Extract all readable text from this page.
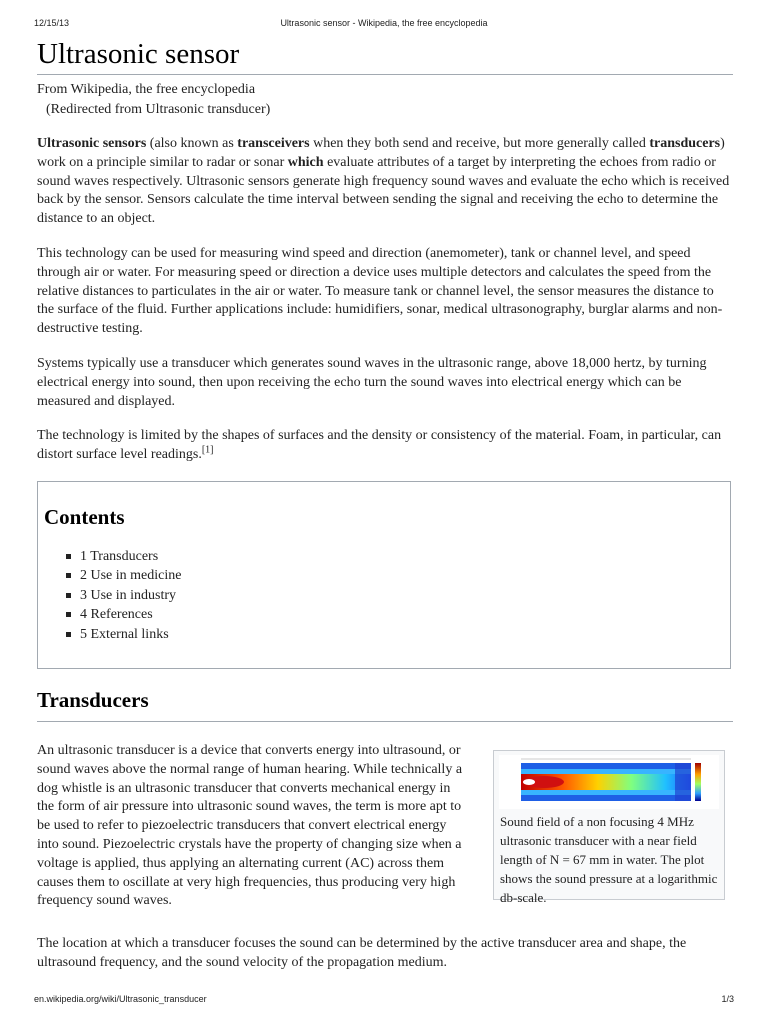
12/15/13	Ultrasonic sensor - Wikipedia, the free encyclopedia
Ultrasonic sensor
From Wikipedia, the free encyclopedia
(Redirected from Ultrasonic transducer)

Ultrasonic sensors (also known as transceivers when they both send and receive, but more generally called transducers) work on a principle similar to radar or sonar which evaluate attributes of a target by interpreting the echoes from radio or sound waves respectively. Ultrasonic sensors generate high frequency sound waves and evaluate the echo which is received back by the sensor. Sensors calculate the time interval between sending the signal and receiving the echo to determine the distance to an object.

This technology can be used for measuring wind speed and direction (anemometer), tank or channel level, and speed through air or water. For measuring speed or direction a device uses multiple detectors and calculates the speed from the relative distances to particulates in the air or water. To measure tank or channel level, the sensor measures the distance to the surface of the fluid. Further applications include: humidifiers, sonar, medical ultrasonography, burglar alarms and non-destructive testing.

Systems typically use a transducer which generates sound waves in the ultrasonic range, above 18,000 hertz, by turning electrical energy into sound, then upon receiving the echo turn the sound waves into electrical energy which can be measured and displayed.

The technology is limited by the shapes of surfaces and the density or consistency of the material. Foam, in particular, can distort surface level readings.[1]

Contents
1 Transducers
2 Use in medicine
3 Use in industry
4 References
5 External links
Transducers

An ultrasonic transducer is a device that converts energy into ultrasound, or sound waves above the normal range of human hearing. While technically a dog whistle is an ultrasonic transducer that converts mechanical energy in the form of air pressure into ultrasonic sound waves, the term is more apt to be used to refer to piezoelectric transducers that convert electrical energy into sound. Piezoelectric crystals have the property of changing size when a voltage is applied, thus applying an alternating current (AC) across them causes them to oscillate at very high frequencies, thus producing very high frequency sound waves.

Sound field of a non focusing 4 MHz ultrasonic transducer with a near field length of N = 67 mm in water. The plot shows the sound pressure at a logarithmic db-scale.

The location at which a transducer focuses the sound can be determined by the active transducer area and shape, the ultrasound frequency, and the sound velocity of the propagation medium.

en.wikipedia.org/wiki/Ultrasonic_transducer	1/3
